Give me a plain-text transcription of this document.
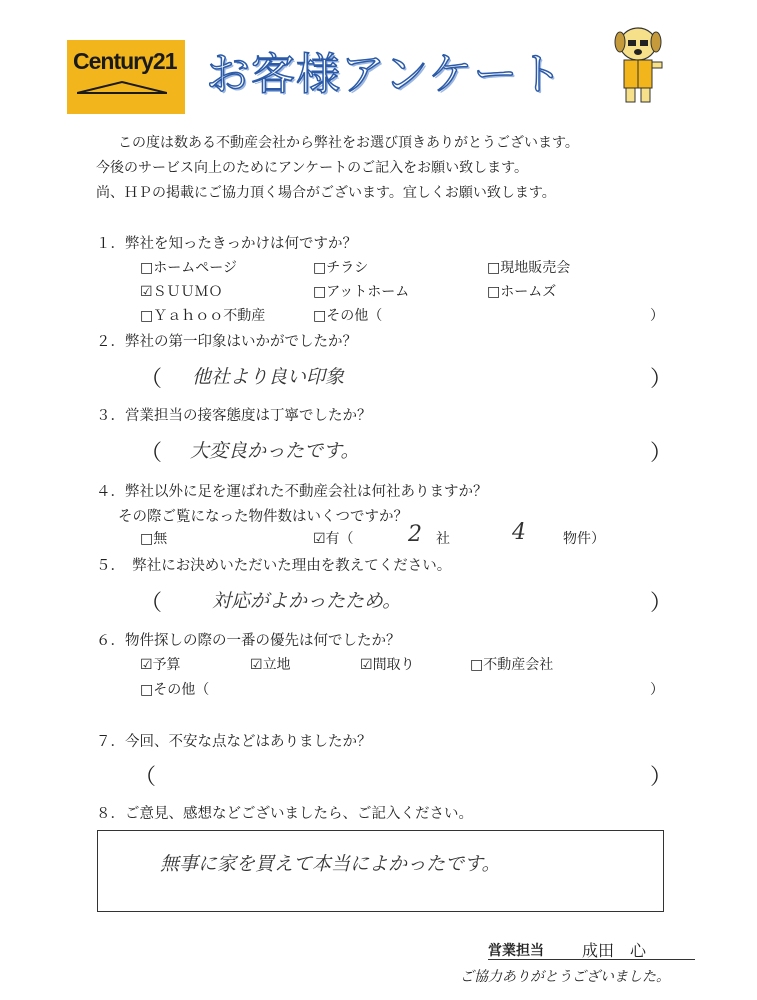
Century21 お客様アンケート
この度は数ある不動産会社から弊社をお選び頂きありがとうございます。
今後のサービス向上のためにアンケートのご記入をお願い致します。
尚、ＨＰの掲載にご協力頂く場合がございます。宜しくお願い致します。
１．弊社を知ったきっかけは何ですか？
□ホームページ	□チラシ	□現地販売会
☑ＳＵＵＭＯ	□アットホーム	□ホームズ
□Ｙａｈｏｏ不動産	□その他（	）
２．弊社の第一印象はいかがでしたか？
（ 他社より良い印象	）
３．営業担当の接客態度は丁寧でしたか？
（ 大変良かったです。	）
４．弊社以外に足を運ばれた不動産会社は何社ありますか？
その際ご覧になった物件数はいくつですか？
□無	☑有（ 2 社	4	物件）
５．　弊社にお決めいただいた理由を教えてください。
（	対応がよかったため。	）
６．物件探しの際の一番の優先は何でしたか？
☑予算	☑立地	☑間取り	□不動産会社
□その他（	）
７．今回、不安な点などはありましたか？
（	）
８．ご意見、感想などございましたら、ご記入ください。
無事に家を買えて本当によかったです。
営業担当 成田　心
ご協力ありがとうございました。
